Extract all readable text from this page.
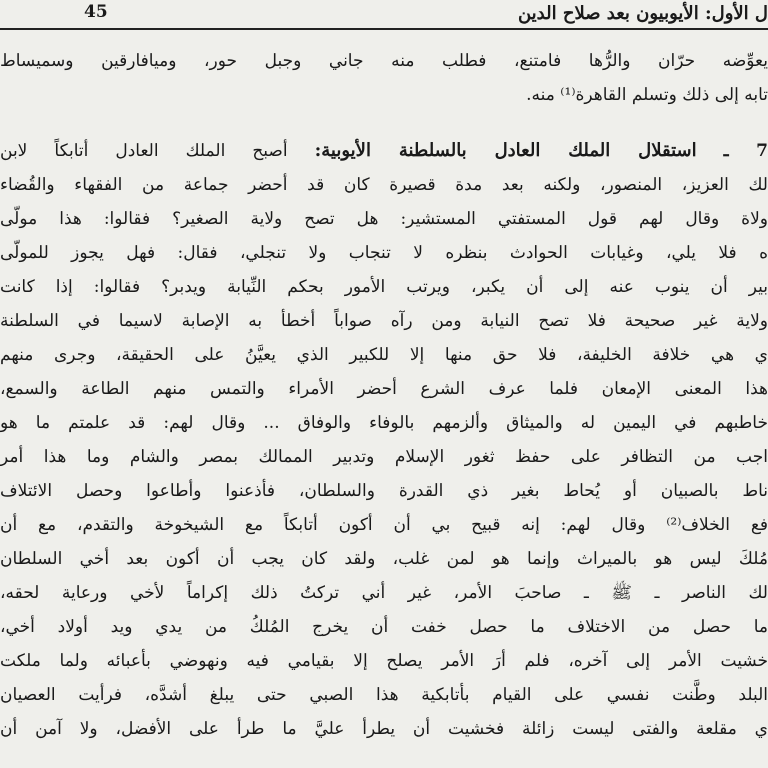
45	ل الأول: الأيوبيون بعد صلاح الدين
يعوِّضه حرّان والرُّها فامتنع، فطلب منه جاني وجبل حور، وميافارقين وسميساط
تابه إلى ذلك وتسلم القاهرة⁽¹⁾ منه.
7 ـ استقلال الملك العادل بالسلطنة الأيوبية: أصبح الملك العادل أتابكاً لابن
لك العزيز، المنصور، ولكنه بعد مدة قصيرة كان قد أحضر جماعة من الفقهاء والقُضاء
ولاة وقال لهم قول المستفتي المستشير: هل تصح ولاية الصغير؟ فقالوا: هذا مولّى
ه فلا يلي، وغيابات الحوادث بنظره لا تنجاب ولا تنجلي، فقال: فهل يجوز للمولّى
بير أن ينوب عنه إلى أن يكبر، ويرتب الأمور بحكم النِّيابة ويدبر؟ فقالوا: إذا كانت
ولاية غير صحيحة فلا تصح النيابة ومن رآه صواباً أخطأ به الإصابة لاسيما في السلطنة
ي هي خلافة الخليفة، فلا حق منها إلا للكبير الذي يعيَّنُ على الحقيقة، وجرى منهم
هذا المعنى الإمعان فلما عرف الشرع أحضر الأمراء والتمس منهم الطاعة والسمع،
خاطبهم في اليمين له والميثاق وألزمهم بالوفاء والوفاق ... وقال لهم: قد علمتم ما هو
اجب من التظافر على حفظ ثغور الإسلام وتدبير الممالك بمصر والشام وما هذا أمر
ناط بالصبيان أو يُحاط بغير ذي القدرة والسلطان، فأذعنوا وأطاعوا وحصل الائتلاف
فع الخلاف⁽²⁾ وقال لهم: إنه قبيح بي أن أكون أتابكاً مع الشيخوخة والتقدم، مع أن
مُلكَ ليس هو بالميراث وإنما هو لمن غلب، ولقد كان يجب أن أكون بعد أخي السلطان
لك الناصر ـ ﷺ ـ صاحبَ الأمر، غير أني تركتُ ذلك إكراماً لأخي ورعاية لحقه،
ما حصل من الاختلاف ما حصل خفت أن يخرج المُلكُ من يدي ويد أولاد أخي،
خشيت الأمر إلى آخره، فلم أرَ الأمر يصلح إلا بقيامي فيه ونهوضي بأعبائه ولما ملكت
البلد وطَّنت نفسي على القيام بأتابكية هذا الصبي حتى يبلغ أشدَّه، فرأيت العصيان
ي مقلعة والفتى ليست زائلة فخشيت أن يطرأ عليَّ ما طرأ على الأفضل، ولا آمن أن
